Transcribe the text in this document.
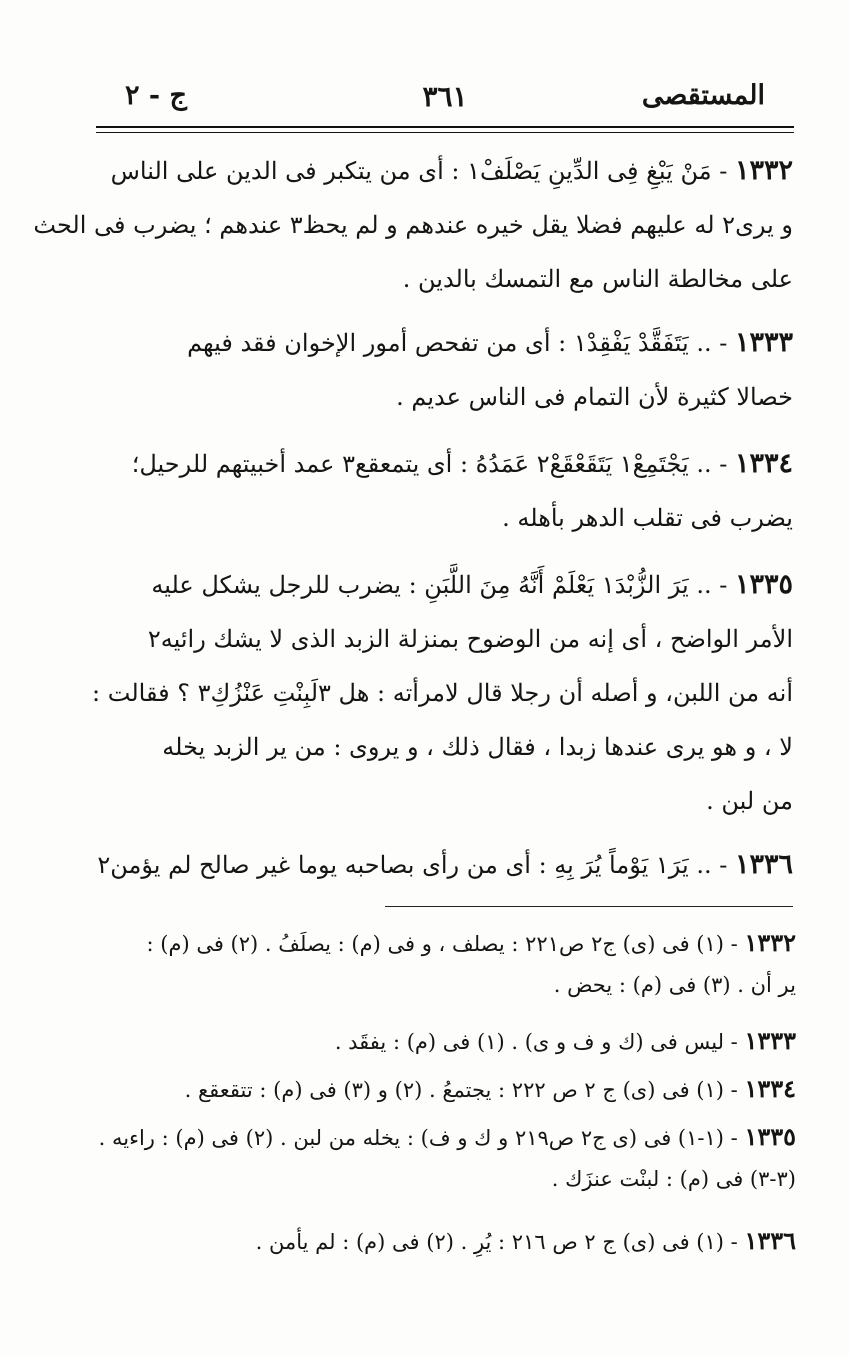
المستقصى
٣٦١
ج - ٢
١٣٣٢ - مَنْ يَبْغِ فِى الدِّينِ يَصْلَفْ١ : أى من يتكبر فى الدين على الناس
و يرى٢ له عليهم فضلا يقل خيره عندهم و لم يحظ٣ عندهم ؛ يضرب فى الحث
على مخالطة الناس مع التمسك بالدين .
١٣٣٣ - .. يَتَفَقَّدْ يَفْقِدْ١ : أى من تفحص أمور الإخوان فقد فيهم
خصالا كثيرة لأن التمام فى الناس عديم .
١٣٣٤ - .. يَجْتَمِعْ١ يَتَقَعْقَعْ٢ عَمَدُهُ : أى يتمعقع٣ عمد أخبيتهم للرحيل؛
يضرب فى تقلب الدهر بأهله .
١٣٣٥ - .. يَرَ الزُّبْدَ١ يَعْلَمْ أَنَّهُ مِنَ اللَّبَنِ : يضرب للرجل يشكل عليه
الأمر الواضح ، أى إنه من الوضوح بمنزلة الزبد الذى لا يشك رائيه٢
أنه من اللبن، و أصله أن رجلا قال لامرأته : هل ٣لَبِنْتِ عَنْزُكِ٣ ؟ فقالت :
لا ، و هو يرى عندها زبدا ، فقال ذلك ، و يروى : من ير الزبد يخله
من لبن .
١٣٣٦ - .. يَرَ١ يَوْماً يُرَ بِهِ : أى من رأى بصاحبه يوما غير صالح لم يؤمن٢
١٣٣٢ - (١) فى (ى) ج٢ ص٢٢١ : يصلف ، و فى (م) : يصلَفُ . (٢) فى (م) :
ير أن . (٣) فى (م) : يحض .
١٣٣٣ - ليس فى (ك و ف و ى) . (١) فى (م) : يفقَد .
١٣٣٤ - (١) فى (ى) ج ٢ ص ٢٢٢ : يجتمعُ . (٢) و (٣) فى (م) : تتقعقع .
١٣٣٥ - (١-١) فى (ى ج٢ ص٢١٩ و ك و ف) : يخله من لبن . (٢) فى (م) : راءيه .
(٣-٣) فى (م) : لبنْت عنزَك .
١٣٣٦ - (١) فى (ى) ج ٢ ص ٢١٦ : يُرِ . (٢) فى (م) : لم يأمن .
